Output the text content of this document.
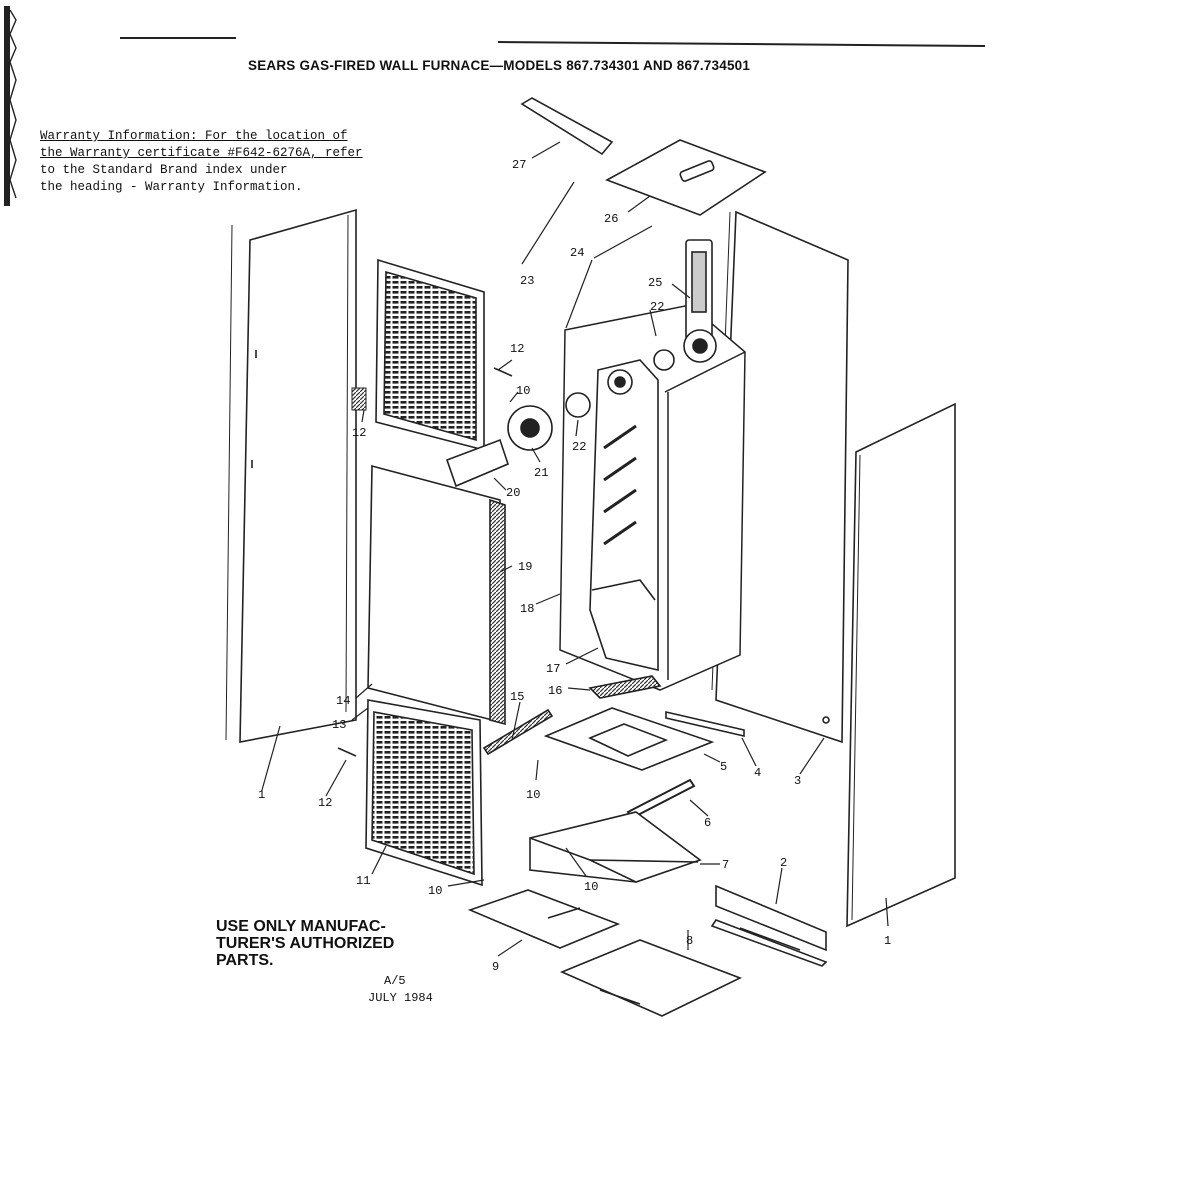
27
26
23
24
25
22
12
10
12
21
22
20
19
18
17
16
15
14
13
5 4
3
1
12
10
6
7
10
11
10
2
1
9
8
SEARS GAS-FIRED WALL FURNACE—MODELS 867.734301 AND 867.734501
Warranty Information: For the location of
the Warranty certificate #F642-6276A, refer
to the Standard Brand index under
the heading - Warranty Information.
USE ONLY MANUFAC-
TURER'S AUTHORIZED
PARTS.
A/5
JULY 1984
